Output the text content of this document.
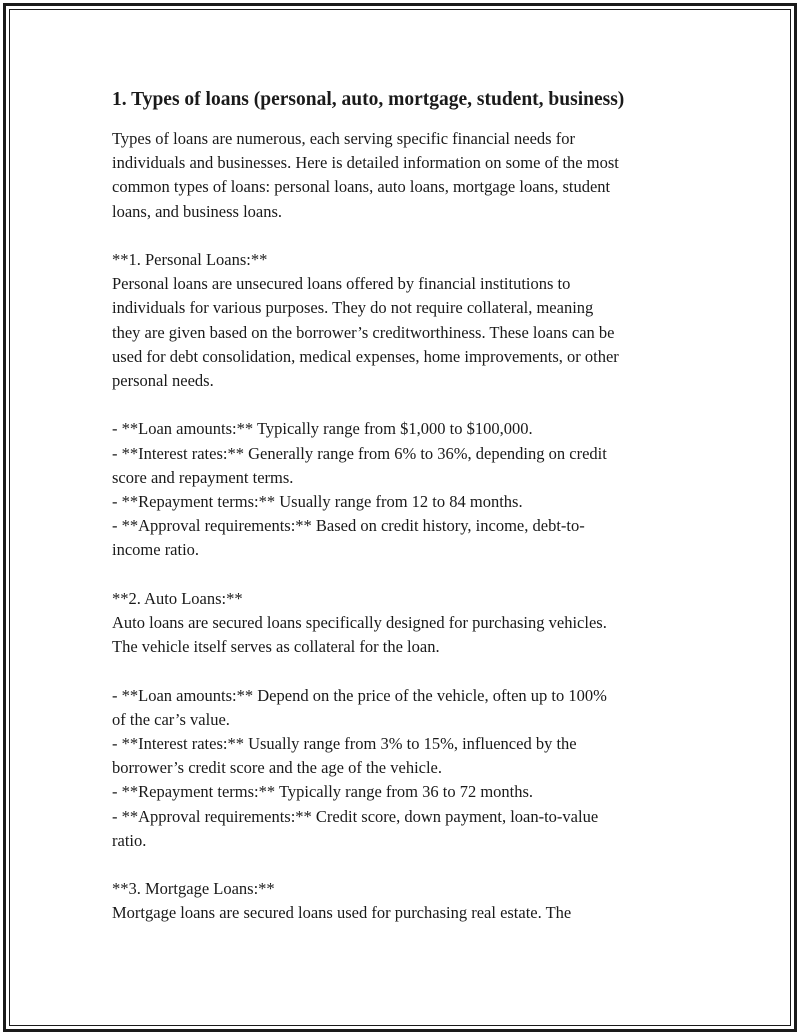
1. Types of loans (personal, auto, mortgage, student, business)
Types of loans are numerous, each serving specific financial needs for
individuals and businesses. Here is detailed information on some of the most
common types of loans: personal loans, auto loans, mortgage loans, student
loans, and business loans.
**1. Personal Loans:**
Personal loans are unsecured loans offered by financial institutions to
individuals for various purposes. They do not require collateral, meaning
they are given based on the borrower’s creditworthiness. These loans can be
used for debt consolidation, medical expenses, home improvements, or other
personal needs.
- **Loan amounts:** Typically range from $1,000 to $100,000.
- **Interest rates:** Generally range from 6% to 36%, depending on credit
score and repayment terms.
- **Repayment terms:** Usually range from 12 to 84 months.
- **Approval requirements:** Based on credit history, income, debt-to-
income ratio.
**2. Auto Loans:**
Auto loans are secured loans specifically designed for purchasing vehicles.
The vehicle itself serves as collateral for the loan.
- **Loan amounts:** Depend on the price of the vehicle, often up to 100%
of the car’s value.
- **Interest rates:** Usually range from 3% to 15%, influenced by the
borrower’s credit score and the age of the vehicle.
- **Repayment terms:** Typically range from 36 to 72 months.
- **Approval requirements:** Credit score, down payment, loan-to-value
ratio.
**3. Mortgage Loans:**
Mortgage loans are secured loans used for purchasing real estate. The
